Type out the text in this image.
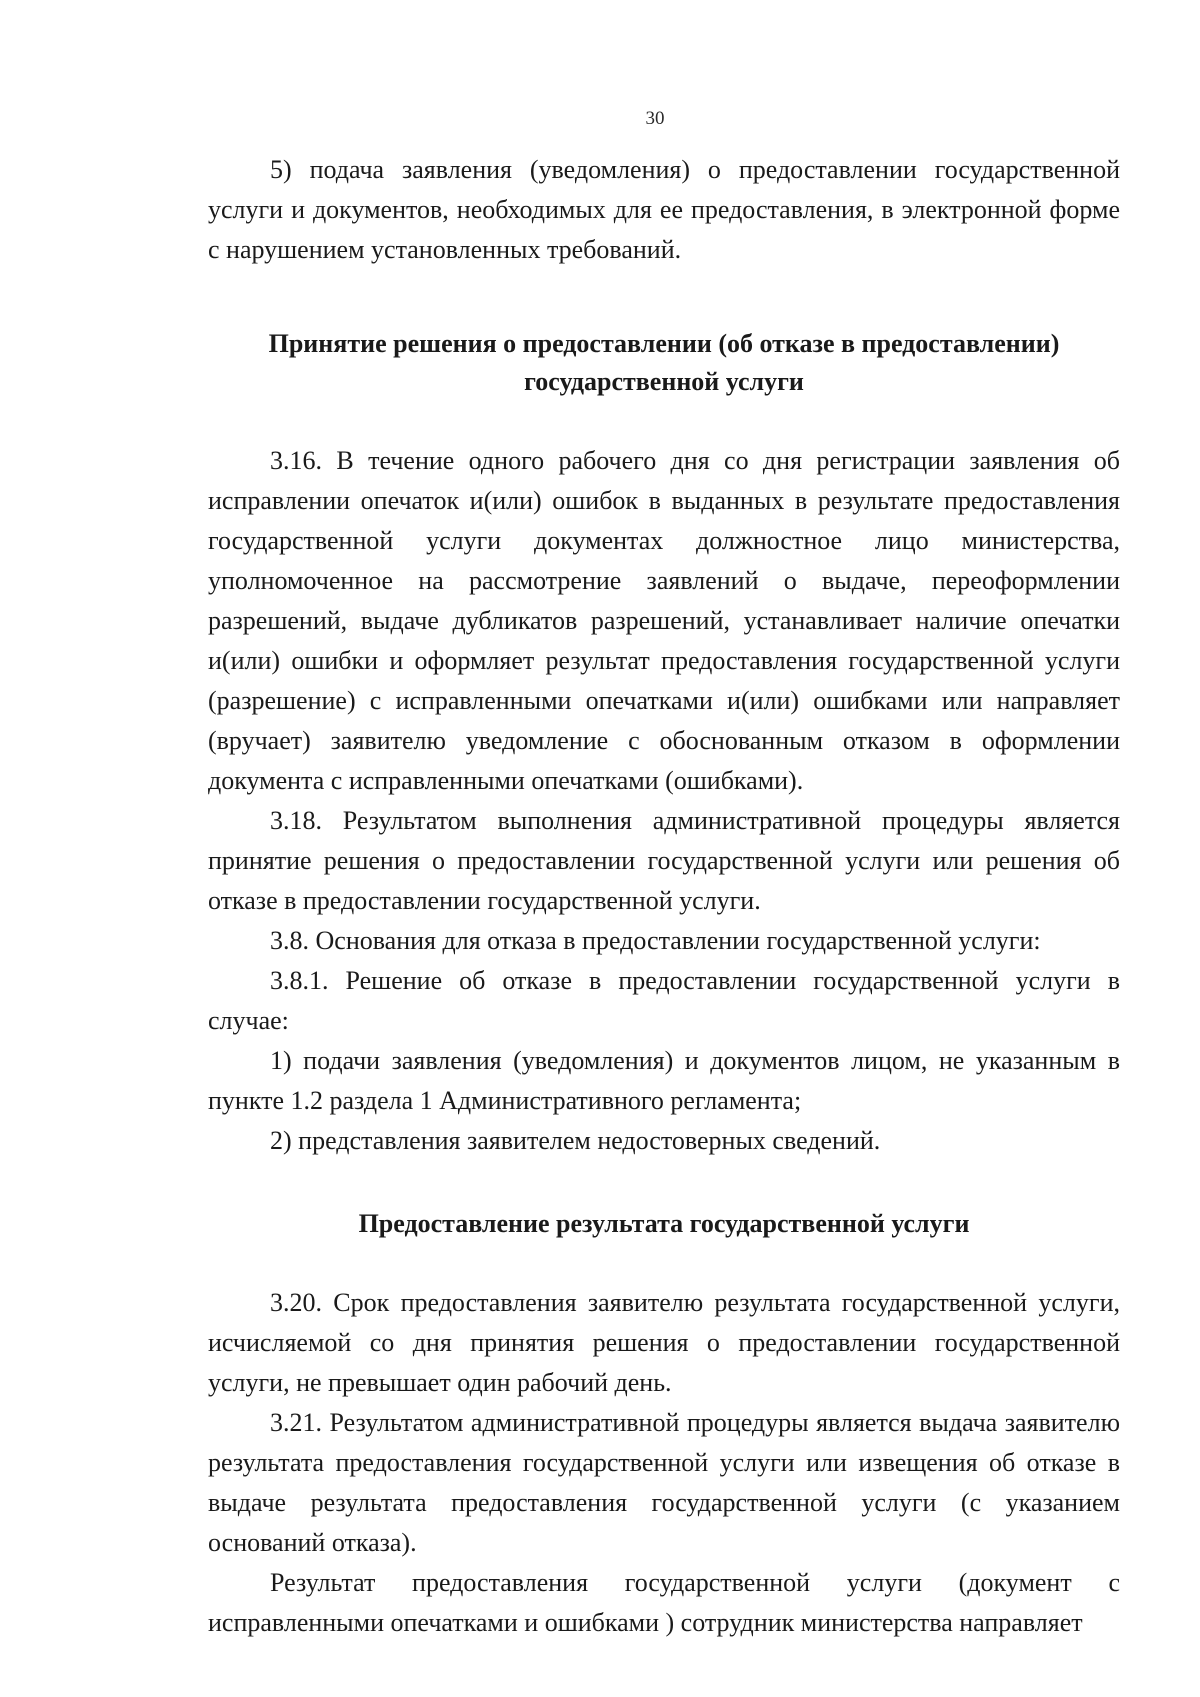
30

5) подача заявления (уведомления) о предоставлении государственной услуги и документов, необходимых для ее предоставления, в электронной форме с нарушением установленных требований.

Принятие решения о предоставлении (об отказе в предоставлении) государственной услуги

3.16. В течение одного рабочего дня со дня регистрации заявления об исправлении опечаток и(или) ошибок в выданных в результате предоставления государственной услуги документах должностное лицо министерства, уполномоченное на рассмотрение заявлений о выдаче, переоформлении разрешений, выдаче дубликатов разрешений, устанавливает наличие опечатки и(или) ошибки и оформляет результат предоставления государственной услуги (разрешение) с исправленными опечатками и(или) ошибками или направляет (вручает) заявителю уведомление с обоснованным отказом в оформлении документа с исправленными опечатками (ошибками).

3.18. Результатом выполнения административной процедуры является принятие решения о предоставлении государственной услуги или решения об отказе в предоставлении государственной услуги.

3.8. Основания для отказа в предоставлении государственной услуги:

3.8.1. Решение об отказе в предоставлении государственной услуги в случае:

1) подачи заявления (уведомления) и документов лицом, не указанным в пункте 1.2 раздела 1 Административного регламента;

2) представления заявителем недостоверных сведений.

Предоставление результата государственной услуги

3.20. Срок предоставления заявителю результата государственной услуги, исчисляемой со дня принятия решения о предоставлении государственной услуги, не превышает один рабочий день.

3.21. Результатом административной процедуры является выдача заявителю результата предоставления государственной услуги или извещения об отказе в выдаче результата предоставления государственной услуги (с указанием оснований отказа).

Результат предоставления государственной услуги (документ с исправленными опечатками и ошибками ) сотрудник министерства направляет
